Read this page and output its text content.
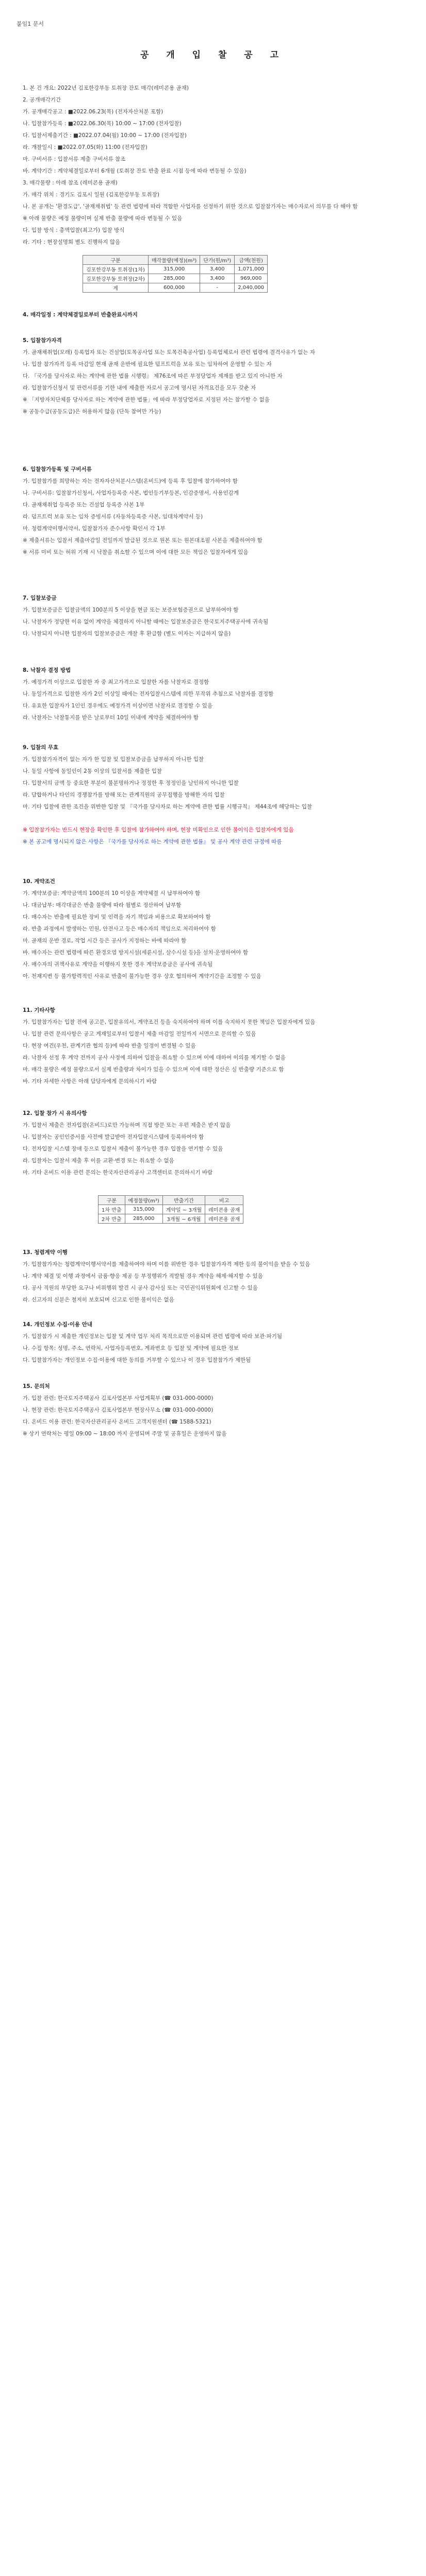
붙임1 문서
공 개 입 찰 공 고
1. 본 건 개요: 2022년 김포한강부동 토취장 잔토 매각(레미콘용 골재)
2. 공개매각기간
가. 공개매각공고 : ■2022.06.23(목) (전자자산처분 포함)
나. 입찰참가등록 : ■2022.06.30(목) 10:00 ~ 17:00 (전자입찰)
다. 입찰서제출기간 : ■2022.07.04(월) 10:00 ~ 17:00 (전자입찰)
라. 개찰일시 : ■2022.07.05(화) 11:00 (전자입찰)
마. 구비서류 : 입찰서류 제출 구비서류 참조
바. 계약기간 : 계약체결일로부터 6개월 (토취장 잔토 반출 완료 시점 등에 따라 변동될 수 있음)
3. 매각물량 : 아래 참조 (레미콘용 골재)
가. 매각 위치 : 경기도 김포시 일원 (김포한강부동 토취장)
나. 본 공개는 '환경도급', '골재채취법' 등 관련 법령에 따라 적합한 사업자를 선정하기 위한 것으로 입찰참가자는 매수자로서 의무를 다 해야 함
※ 아래 물량은 예정 물량이며 실제 반출 물량에 따라 변동될 수 있음
다. 입찰 방식 : 총액입찰(최고가) 입찰 방식
라. 기타 : 현장설명회 별도 진행하지 않음
구분	매각물량(예정)(m³)	단가(원/m³)	금액(천원)
김포한강부동 토취장(1차)	315,000	3,400	1,071,000
김포한강부동 토취장(2차)	285,000	3,400	969,000
계	600,000	-	2,040,000
4. 매각일정 : 계약체결일로부터 반출완료시까지
5. 입찰참가자격
가. 골재채취업(모래) 등록업자 또는 건설업(토목공사업 또는 토목건축공사업) 등록업체로서 관련 법령에 결격사유가 없는 자
나. 입찰 참가자격 등록 마감일 현재 골재 운반에 필요한 덤프트럭을 보유 또는 임차하여 운영할 수 있는 자
다. 『국가를 당사자로 하는 계약에 관한 법률 시행령』 제76조에 따른 부정당업자 제재를 받고 있지 아니한 자
라. 입찰참가신청서 및 관련서류를 기한 내에 제출한 자로서 공고에 명시된 자격요건을 모두 갖춘 자
※ 「지방자치단체를 당사자로 하는 계약에 관한 법률」에 따라 부정당업자로 지정된 자는 참가할 수 없음
※ 공동수급(공동도급)은 허용하지 않음 (단독 참여만 가능)
6. 입찰참가등록 및 구비서류
가. 입찰참가를 희망하는 자는 전자자산처분시스템(온비드)에 등록 후 입찰에 참가하여야 함
나. 구비서류: 입찰참가신청서, 사업자등록증 사본, 법인등기부등본, 인감증명서, 사용인감계
다. 골재채취업 등록증 또는 건설업 등록증 사본 1부
라. 덤프트럭 보유 또는 임차 증빙서류 (자동차등록증 사본, 임대차계약서 등)
마. 청렴계약이행서약서, 입찰참가자 준수사항 확인서 각 1부
※ 제출서류는 입찰서 제출마감일 전일까지 발급된 것으로 원본 또는 원본대조필 사본을 제출하여야 함
※ 서류 미비 또는 허위 기재 시 낙찰을 취소할 수 있으며 이에 대한 모든 책임은 입찰자에게 있음
7. 입찰보증금
가. 입찰보증금은 입찰금액의 100분의 5 이상을 현금 또는 보증보험증권으로 납부하여야 함
나. 낙찰자가 정당한 이유 없이 계약을 체결하지 아니할 때에는 입찰보증금은 한국토지주택공사에 귀속됨
다. 낙찰되지 아니한 입찰자의 입찰보증금은 개찰 후 환급함 (별도 이자는 지급하지 않음)
8. 낙찰자 결정 방법
가. 예정가격 이상으로 입찰한 자 중 최고가격으로 입찰한 자를 낙찰자로 결정함
나. 동일가격으로 입찰한 자가 2인 이상일 때에는 전자입찰시스템에 의한 무작위 추첨으로 낙찰자를 결정함
다. 유효한 입찰자가 1인인 경우에도 예정가격 이상이면 낙찰자로 결정할 수 있음
라. 낙찰자는 낙찰통지를 받은 날로부터 10일 이내에 계약을 체결하여야 함
9. 입찰의 무효
가. 입찰참가자격이 없는 자가 한 입찰 및 입찰보증금을 납부하지 아니한 입찰
나. 동일 사항에 동일인이 2통 이상의 입찰서를 제출한 입찰
다. 입찰서의 금액 등 중요한 부분이 불분명하거나 정정한 후 정정인을 날인하지 아니한 입찰
라. 담합하거나 타인의 경쟁참가를 방해 또는 관계직원의 공무집행을 방해한 자의 입찰
마. 기타 입찰에 관한 조건을 위반한 입찰 및 『국가를 당사자로 하는 계약에 관한 법률 시행규칙』 제44조에 해당하는 입찰
※ 입찰참가자는 반드시 현장을 확인한 후 입찰에 참가하여야 하며, 현장 미확인으로 인한 불이익은 입찰자에게 있음
※ 본 공고에 명시되지 않은 사항은 『국가를 당사자로 하는 계약에 관한 법률』 및 공사 계약 관련 규정에 따름
10. 계약조건
가. 계약보증금: 계약금액의 100분의 10 이상을 계약체결 시 납부하여야 함
나. 대금납부: 매각대금은 반출 물량에 따라 월별로 정산하여 납부함
다. 매수자는 반출에 필요한 장비 및 인력을 자기 책임과 비용으로 확보하여야 함
라. 반출 과정에서 발생하는 민원, 안전사고 등은 매수자의 책임으로 처리하여야 함
마. 골재의 운반 경로, 작업 시간 등은 공사가 지정하는 바에 따라야 함
바. 매수자는 관련 법령에 따른 환경오염 방지시설(세륜시설, 살수시설 등)을 설치·운영하여야 함
사. 매수자의 귀책사유로 계약을 이행하지 못한 경우 계약보증금은 공사에 귀속됨
아. 천재지변 등 불가항력적인 사유로 반출이 불가능한 경우 상호 협의하여 계약기간을 조정할 수 있음
11. 기타사항
가. 입찰참가자는 입찰 전에 공고문, 입찰유의서, 계약조건 등을 숙지하여야 하며 이를 숙지하지 못한 책임은 입찰자에게 있음
나. 입찰 관련 문의사항은 공고 게재일로부터 입찰서 제출 마감일 전일까지 서면으로 문의할 수 있음
다. 현장 여건(우천, 관계기관 협의 등)에 따라 반출 일정이 변경될 수 있음
라. 낙찰자 선정 후 계약 전까지 공사 사정에 의하여 입찰을 취소할 수 있으며 이에 대하여 이의를 제기할 수 없음
마. 매각 물량은 예정 물량으로서 실제 반출량과 차이가 있을 수 있으며 이에 대한 정산은 실 반출량 기준으로 함
바. 기타 자세한 사항은 아래 담당자에게 문의하시기 바람
12. 입찰 참가 시 유의사항
가. 입찰서 제출은 전자입찰(온비드)로만 가능하며 직접 방문 또는 우편 제출은 받지 않음
나. 입찰자는 공인인증서를 사전에 발급받아 전자입찰시스템에 등록하여야 함
다. 전자입찰 시스템 장애 등으로 입찰서 제출이 불가능한 경우 입찰을 연기할 수 있음
라. 입찰자는 입찰서 제출 후 이를 교환·변경 또는 취소할 수 없음
마. 기타 온비드 이용 관련 문의는 한국자산관리공사 고객센터로 문의하시기 바람
구분	예정물량(m³)	반출기간	비고
1차 반출	315,000	계약일 ~ 3개월	레미콘용 골재
2차 반출	285,000	3개월 ~ 6개월	레미콘용 골재
13. 청렴계약 이행
가. 입찰참가자는 청렴계약이행서약서를 제출하여야 하며 이를 위반한 경우 입찰참가자격 제한 등의 불이익을 받을 수 있음
나. 계약 체결 및 이행 과정에서 금품·향응 제공 등 부정행위가 적발될 경우 계약을 해제·해지할 수 있음
다. 공사 직원의 부당한 요구나 비위행위 발견 시 공사 감사실 또는 국민권익위원회에 신고할 수 있음
라. 신고자의 신분은 철저히 보호되며 신고로 인한 불이익은 없음
14. 개인정보 수집·이용 안내
가. 입찰참가 시 제출한 개인정보는 입찰 및 계약 업무 처리 목적으로만 이용되며 관련 법령에 따라 보관·파기됨
나. 수집 항목: 성명, 주소, 연락처, 사업자등록번호, 계좌번호 등 입찰 및 계약에 필요한 정보
다. 입찰참가자는 개인정보 수집·이용에 대한 동의를 거부할 수 있으나 이 경우 입찰참가가 제한됨
15. 문의처
가. 입찰 관련: 한국토지주택공사 김포사업본부 사업계획부 (☎ 031-000-0000)
나. 현장 관련: 한국토지주택공사 김포사업본부 현장사무소 (☎ 031-000-0000)
다. 온비드 이용 관련: 한국자산관리공사 온비드 고객지원센터 (☎ 1588-5321)
※ 상기 연락처는 평일 09:00 ~ 18:00 까지 운영되며 주말 및 공휴일은 운영하지 않음
